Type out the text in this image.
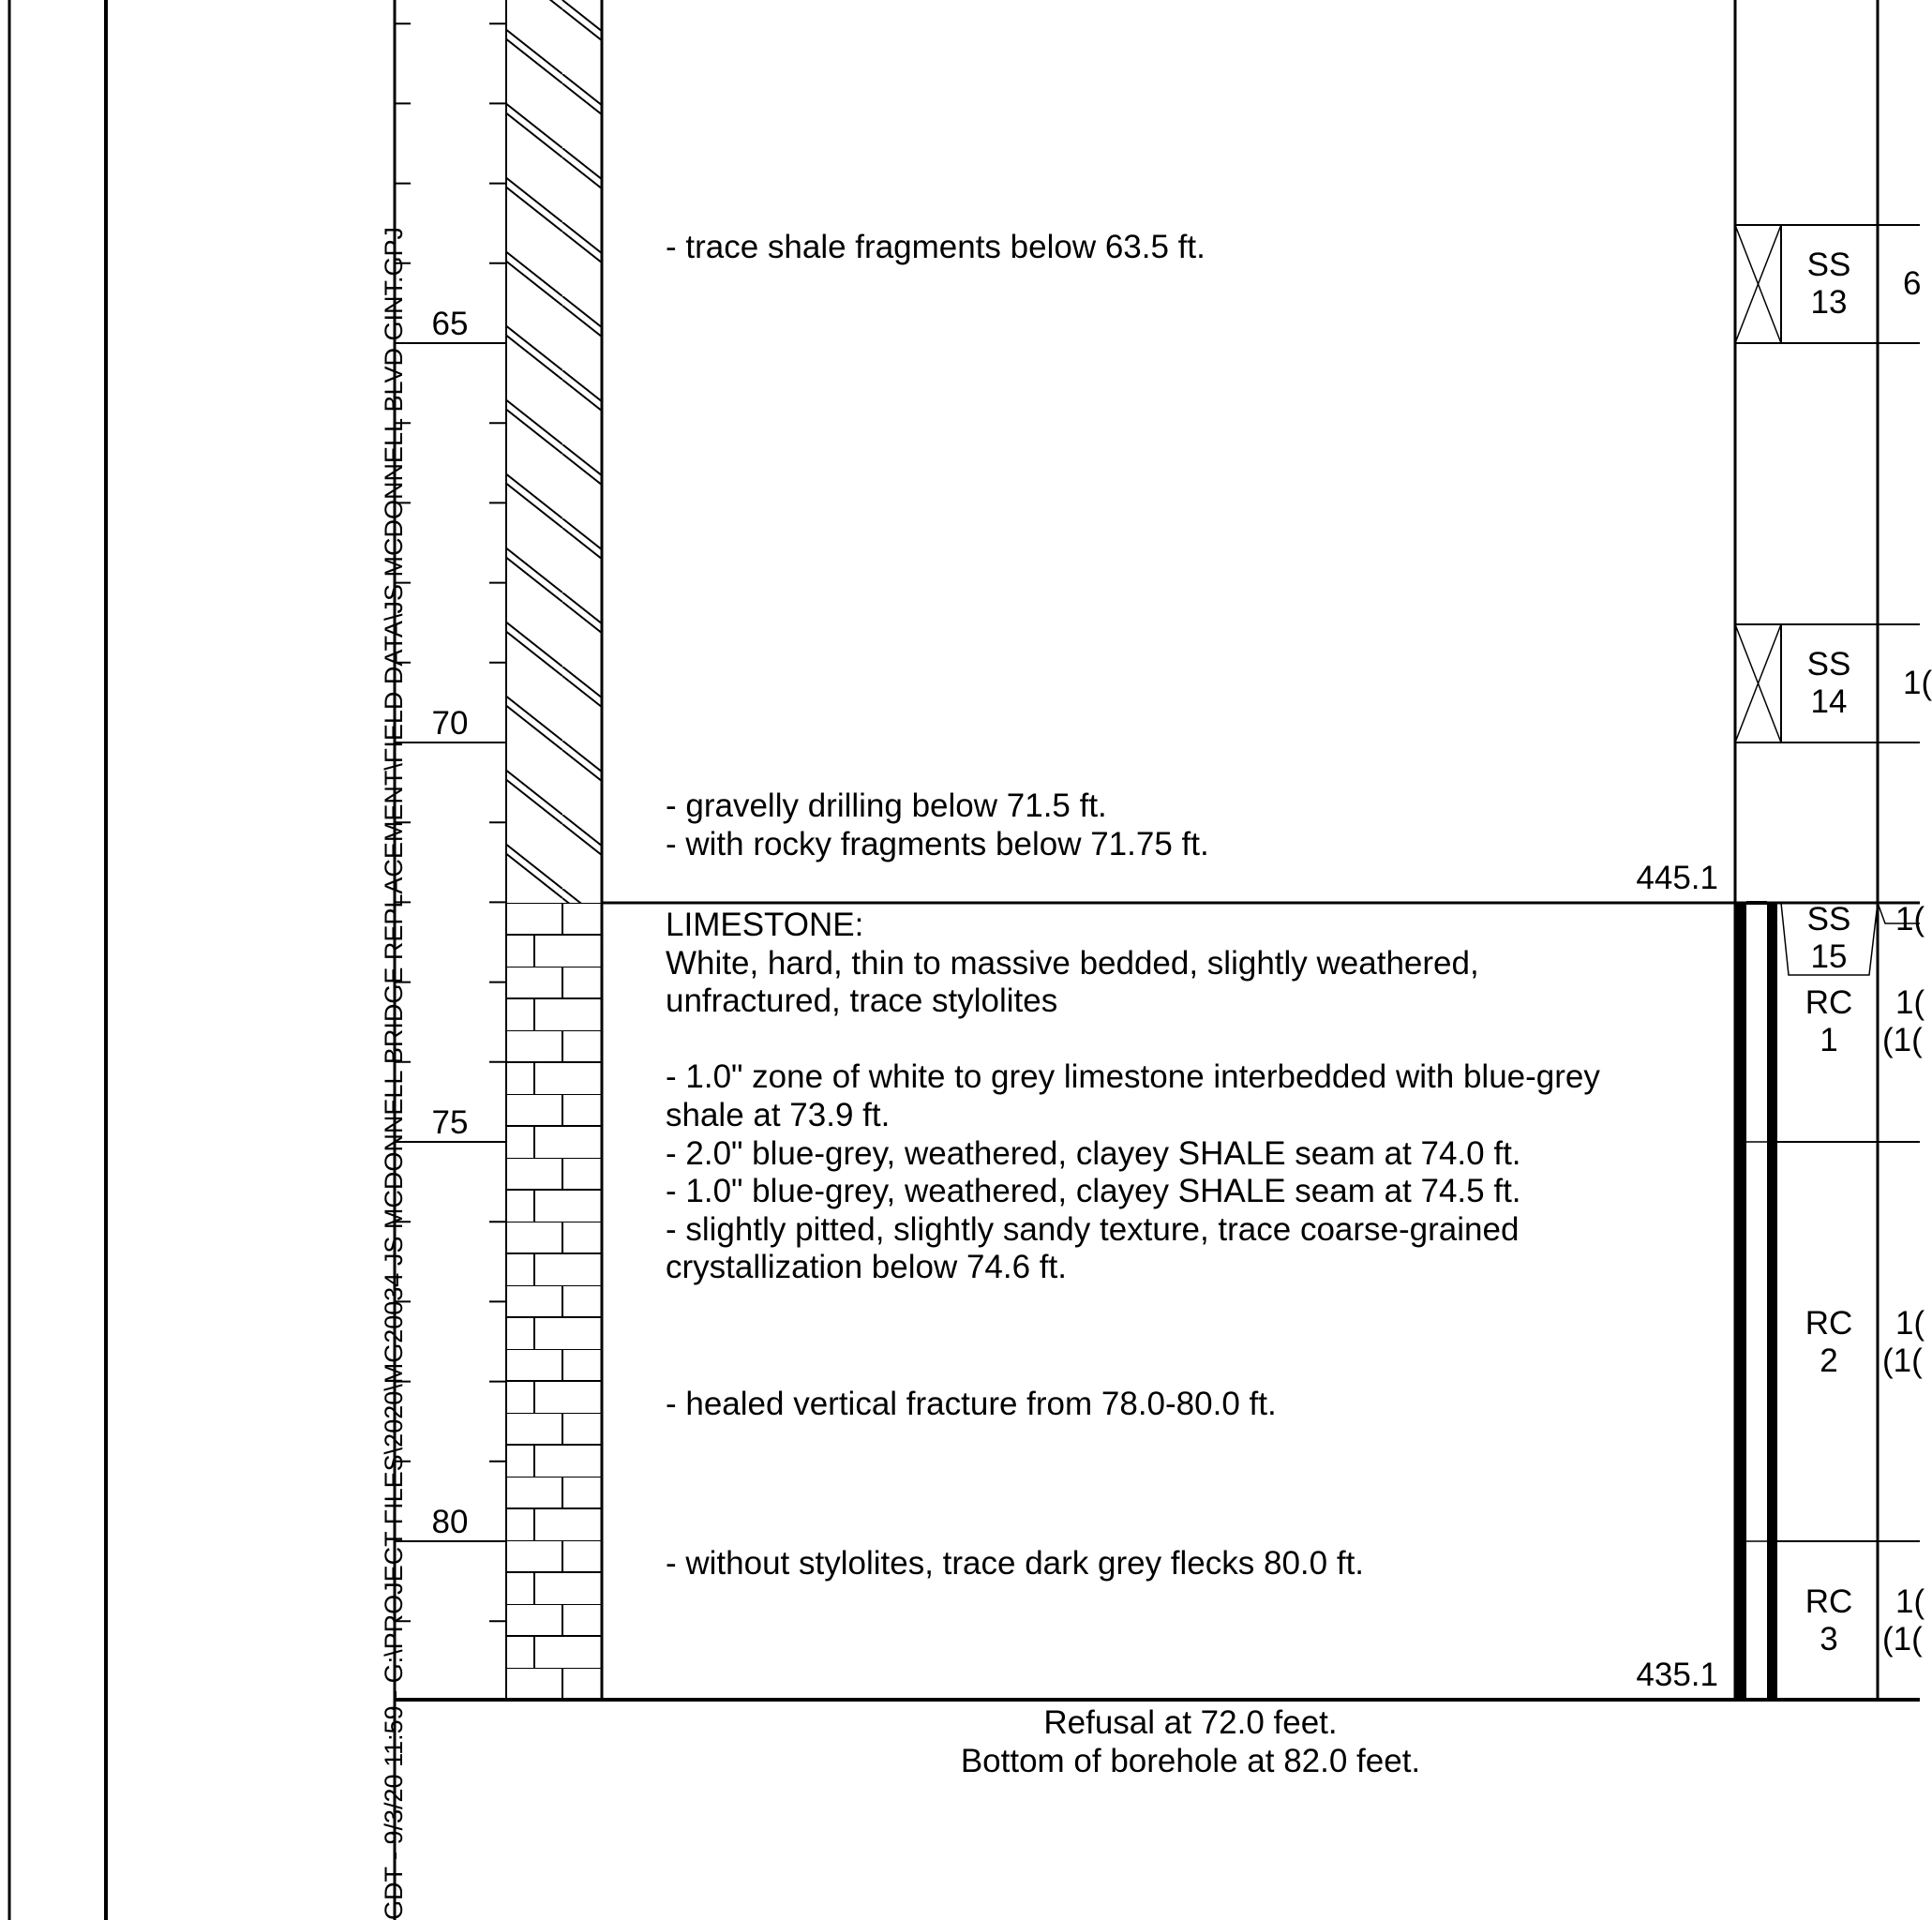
GDT - 9/3/20 11:59 - G:\PROJECT FILES\2020\MG20034 JS MCDONNELL BRIDGE REPLACEMENT\FIELD DATA\JS MCDONNELL BLVD GINT.GPJ 65
70
75
80
445.1
435.1
- trace shale fragments below 63.5 ft.
- gravelly drilling below 71.5 ft.
- with rocky fragments below 71.75 ft.
LIMESTONE:
White, hard, thin to massive bedded, slightly weathered,
unfractured, trace stylolites
- 1.0" zone of white to grey limestone interbedded with blue-grey
shale at 73.9 ft.
- 2.0" blue-grey, weathered, clayey SHALE seam at 74.0 ft.
- 1.0" blue-grey, weathered, clayey SHALE seam at 74.5 ft.
- slightly pitted, slightly sandy texture, trace coarse-grained
crystallization below 74.6 ft.
- healed vertical fracture from 78.0-80.0 ft.
- without stylolites, trace dark grey flecks 80.0 ft.
Refusal at 72.0 feet.
Bottom of borehole at 82.0 feet.
SS
13
SS
14
SS
15
RC
1
RC
2
RC
3
6
1(
1(
1(
(1(
1(
(1(
1(
(1(
